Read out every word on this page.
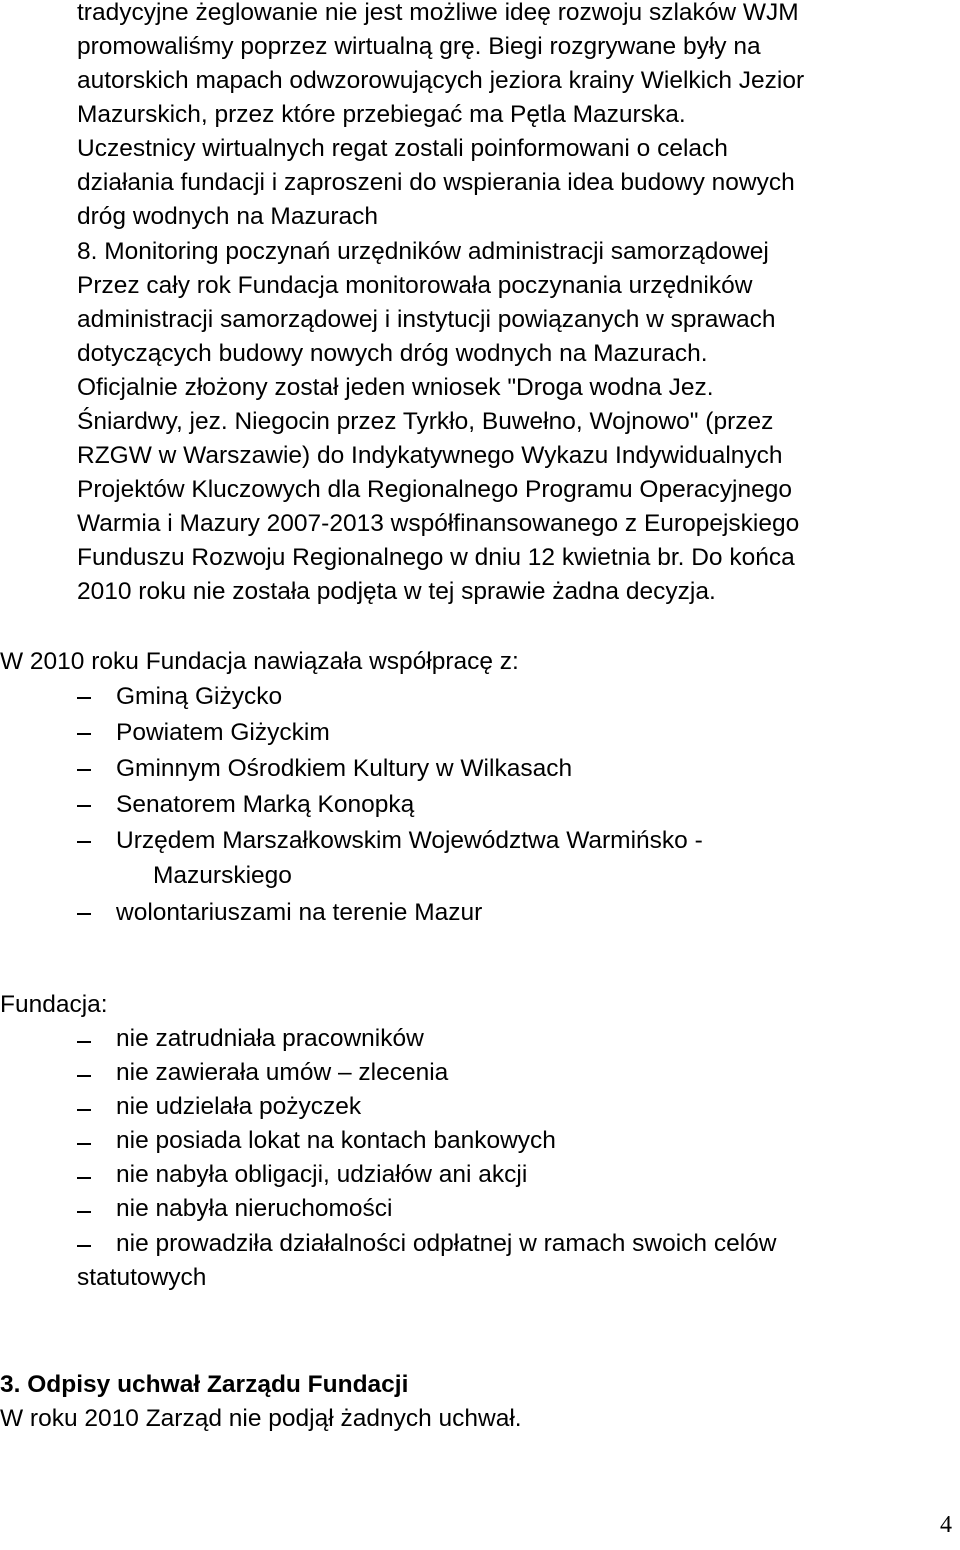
tradycyjne żeglowanie nie jest możliwe ideę rozwoju szlaków WJM
promowaliśmy poprzez wirtualną grę. Biegi rozgrywane były na
autorskich mapach odwzorowujących jeziora krainy Wielkich Jezior
Mazurskich, przez które przebiegać ma Pętla Mazurska.
Uczestnicy wirtualnych regat zostali poinformowani o celach
działania fundacji i zaproszeni do wspierania idea budowy nowych
dróg wodnych na Mazurach
8. Monitoring poczynań urzędników administracji samorządowej
Przez cały rok Fundacja monitorowała poczynania urzędników
administracji samorządowej i instytucji powiązanych w sprawach
dotyczących budowy nowych dróg wodnych na Mazurach.
Oficjalnie złożony został jeden wniosek "Droga wodna Jez.
Śniardwy, jez. Niegocin przez Tyrkło, Buwełno, Wojnowo" (przez
RZGW w Warszawie) do Indykatywnego Wykazu Indywidualnych
Projektów Kluczowych dla Regionalnego Programu Operacyjnego
Warmia i Mazury 2007-2013 współfinansowanego z Europejskiego
Funduszu Rozwoju Regionalnego w dniu 12 kwietnia br. Do końca
2010 roku nie została podjęta w tej sprawie żadna decyzja.
W 2010 roku Fundacja nawiązała współpracę z:
Gminą Giżycko
Powiatem Giżyckim
Gminnym Ośrodkiem Kultury w Wilkasach
Senatorem Marką Konopką
Urzędem Marszałkowskim Województwa Warmińsko -
Mazurskiego
wolontariuszami na terenie Mazur
Fundacja:
nie zatrudniała pracowników
nie zawierała umów – zlecenia
nie udzielała pożyczek
nie posiada lokat na kontach bankowych
nie nabyła obligacji, udziałów ani akcji
nie nabyła nieruchomości
nie prowadziła działalności odpłatnej w ramach swoich celów
statutowych
3. Odpisy uchwał Zarządu Fundacji
W roku 2010 Zarząd nie podjął żadnych uchwał.
4
